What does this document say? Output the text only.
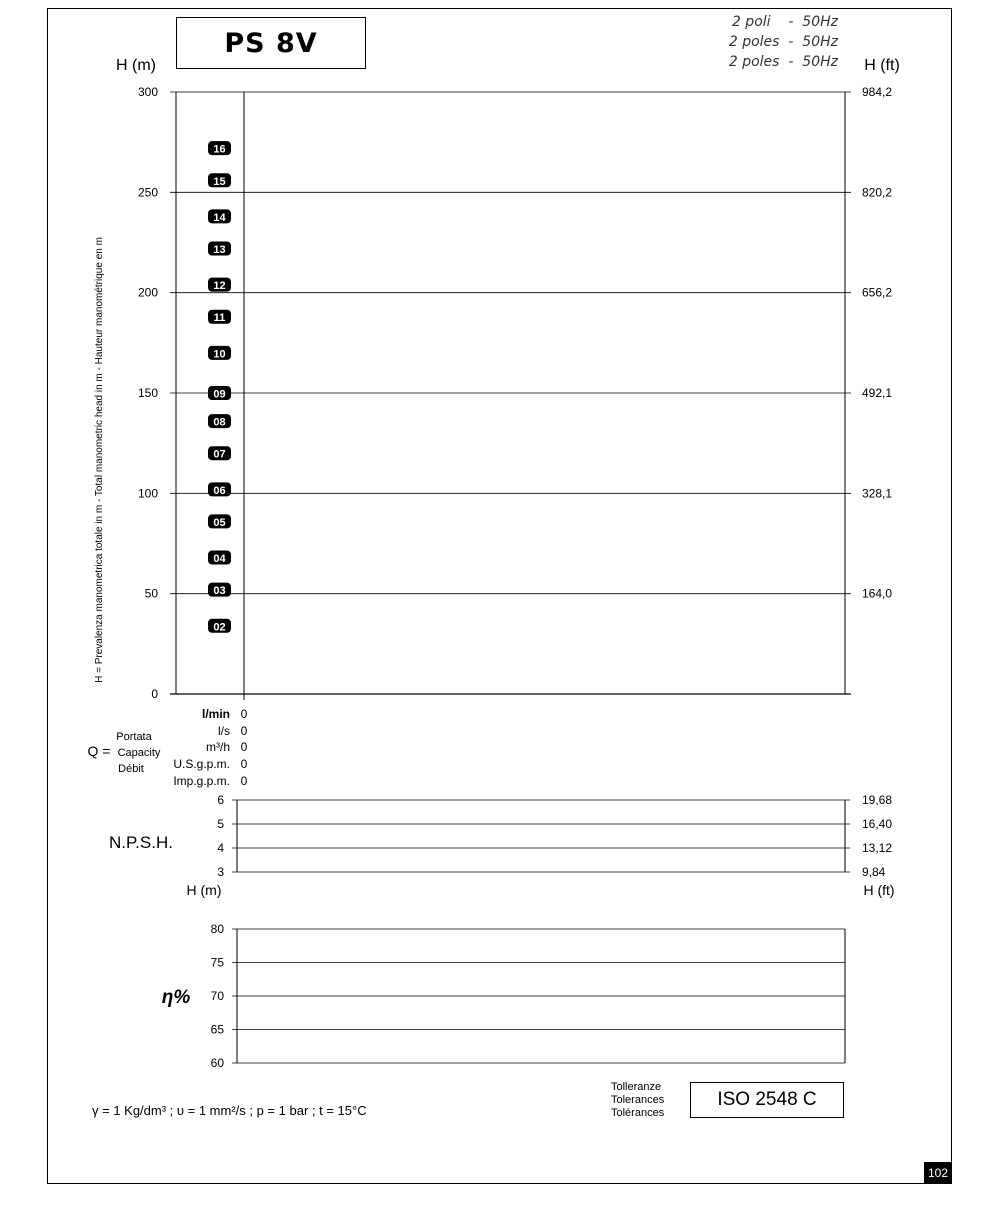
PS 8V
2 poli    -  50Hz
2 poles  -  50Hz
2 poles  -  50Hz
0
50
100
150
200
250
300
164,0
328,1
492,1
656,2
820,2
984,2
H (m)	H (ft)
H = Prevalenza manometrica totale in m - Total manometric head in m - Hauteur manométrique en m	02
03
04
05
06
07
08
09
10
11
12
13
14
15
16
l/min 0
l/s 0
m³/h 0
U.S.g.p.m. 0
Imp.g.p.m. 0
Portata
Q = Capacity
Débit
3
4
5
6
9,84
13,12
16,40
19,68
N.P.S.H.
H (m)	H (ft)
60
65
70
75
80
η%
Tolleranze
Tolerances
Tolérances
ISO 2548 C
γ = 1 Kg/dm³ ; υ = 1 mm²/s ; p = 1 bar ; t = 15°C
102
